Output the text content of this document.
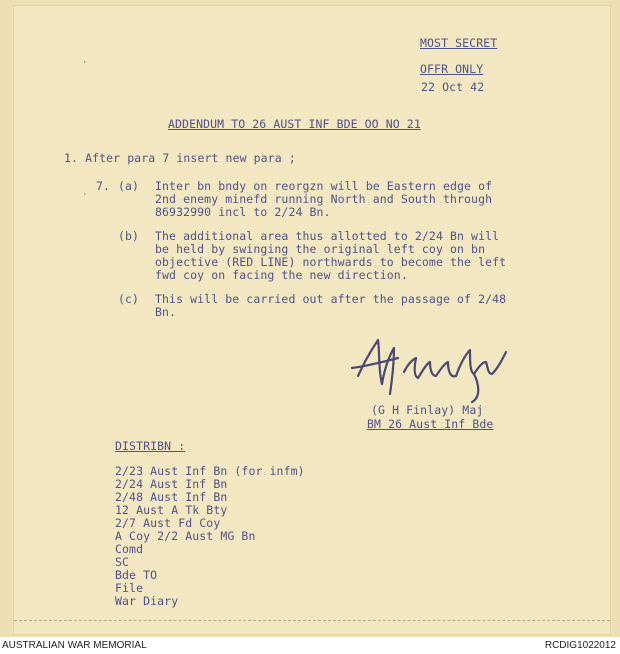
·
·
MOST SECRET
OFFR ONLY
22 Oct 42
ADDENDUM TO 26 AUST INF BDE OO NO 21
1. After para 7 insert new para ;
7. (a) Inter bn bndy on reorgzn will be Eastern edge of
2nd enemy minefd running North and South through
86932990 incl to 2/24 Bn.
(b) The additional area thus allotted to 2/24 Bn will
be held by swinging the original left coy on bn
objective (RED LINE) northwards to become the left
fwd coy on facing the new direction.
(c) This will be carried out after the passage of 2/48
Bn.
(G H Finlay) Maj
BM 26 Aust Inf Bde
DISTRIBN :
2/23 Aust Inf Bn (for infm)
2/24 Aust Inf Bn
2/48 Aust Inf Bn
12 Aust A Tk Bty
2/7 Aust Fd Coy
A Coy 2/2 Aust MG Bn
Comd
SC
Bde TO
File
War Diary
AUSTRALIAN WAR MEMORIAL	RCDIG1022012
